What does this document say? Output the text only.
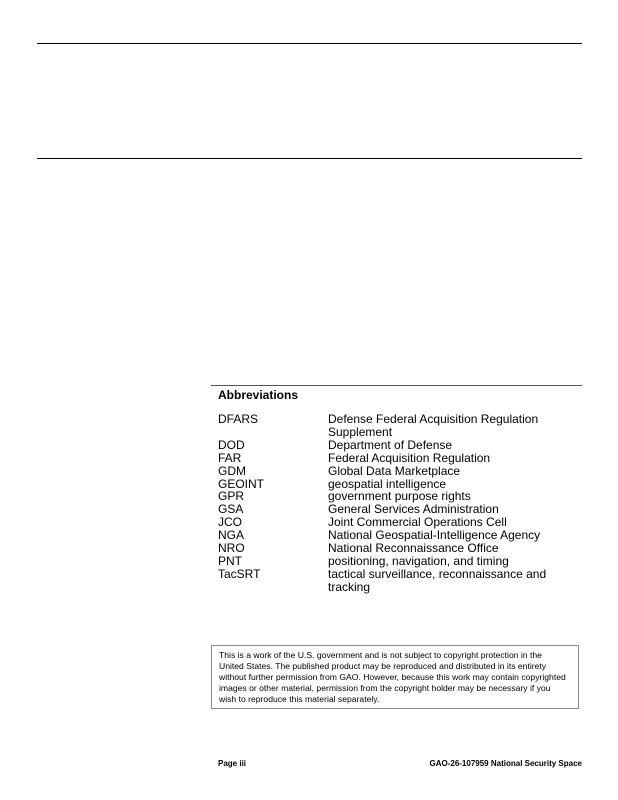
Abbreviations
DFARS	Defense Federal Acquisition Regulation Supplement
DOD	Department of Defense
FAR	Federal Acquisition Regulation
GDM	Global Data Marketplace
GEOINT	geospatial intelligence
GPR	government purpose rights
GSA	General Services Administration
JCO	Joint Commercial Operations Cell
NGA	National Geospatial-Intelligence Agency
NRO	National Reconnaissance Office
PNT	positioning, navigation, and timing
TacSRT	tactical surveillance, reconnaissance and tracking
This is a work of the U.S. government and is not subject to copyright protection in the United States. The published product may be reproduced and distributed in its entirety without further permission from GAO. However, because this work may contain copyrighted images or other material, permission from the copyright holder may be necessary if you wish to reproduce this material separately.
Page iii	GAO-26-107959 National Security Space
